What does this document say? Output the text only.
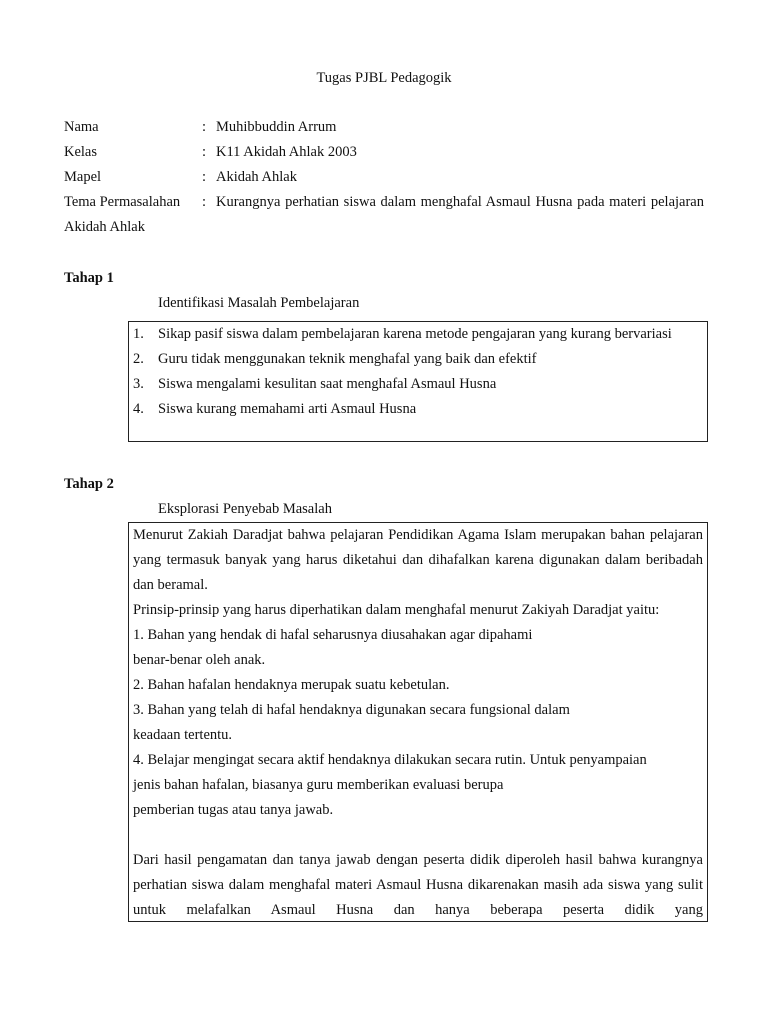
Tugas PJBL Pedagogik
Nama	: Muhibbuddin Arrum
Kelas	: K11 Akidah Ahlak 2003
Mapel	: Akidah Ahlak
Tema Permasalahan : Kurangnya perhatian siswa dalam menghafal Asmaul Husna pada materi pelajaran Akidah Ahlak
Tahap 1
Identifikasi Masalah Pembelajaran
1. Sikap pasif siswa dalam pembelajaran karena metode pengajaran yang kurang bervariasi
2. Guru tidak menggunakan teknik menghafal yang baik dan efektif
3. Siswa mengalami kesulitan saat menghafal Asmaul Husna
4. Siswa kurang memahami arti Asmaul Husna
Tahap 2
Eksplorasi Penyebab Masalah

Menurut Zakiah Daradjat bahwa pelajaran Pendidikan Agama Islam merupakan bahan pelajaran yang termasuk banyak yang harus diketahui dan dihafalkan karena digunakan dalam beribadah dan beramal.

Prinsip-prinsip yang harus diperhatikan dalam menghafal menurut Zakiyah Daradjat yaitu:

1. Bahan yang hendak di hafal seharusnya diusahakan agar dipahami

benar-benar oleh anak.

2. Bahan hafalan hendaknya merupak suatu kebetulan.

3. Bahan yang telah di hafal hendaknya digunakan secara fungsional dalam

keadaan tertentu.

4. Belajar mengingat secara aktif hendaknya dilakukan secara rutin. Untuk penyampaian

jenis bahan hafalan, biasanya guru memberikan evaluasi berupa

pemberian tugas atau tanya jawab.

Dari hasil pengamatan dan tanya jawab dengan peserta didik diperoleh hasil bahwa kurangnya perhatian siswa dalam menghafal materi Asmaul Husna dikarenakan masih ada siswa yang sulit untuk melafalkan Asmaul Husna dan hanya beberapa peserta didik yang
